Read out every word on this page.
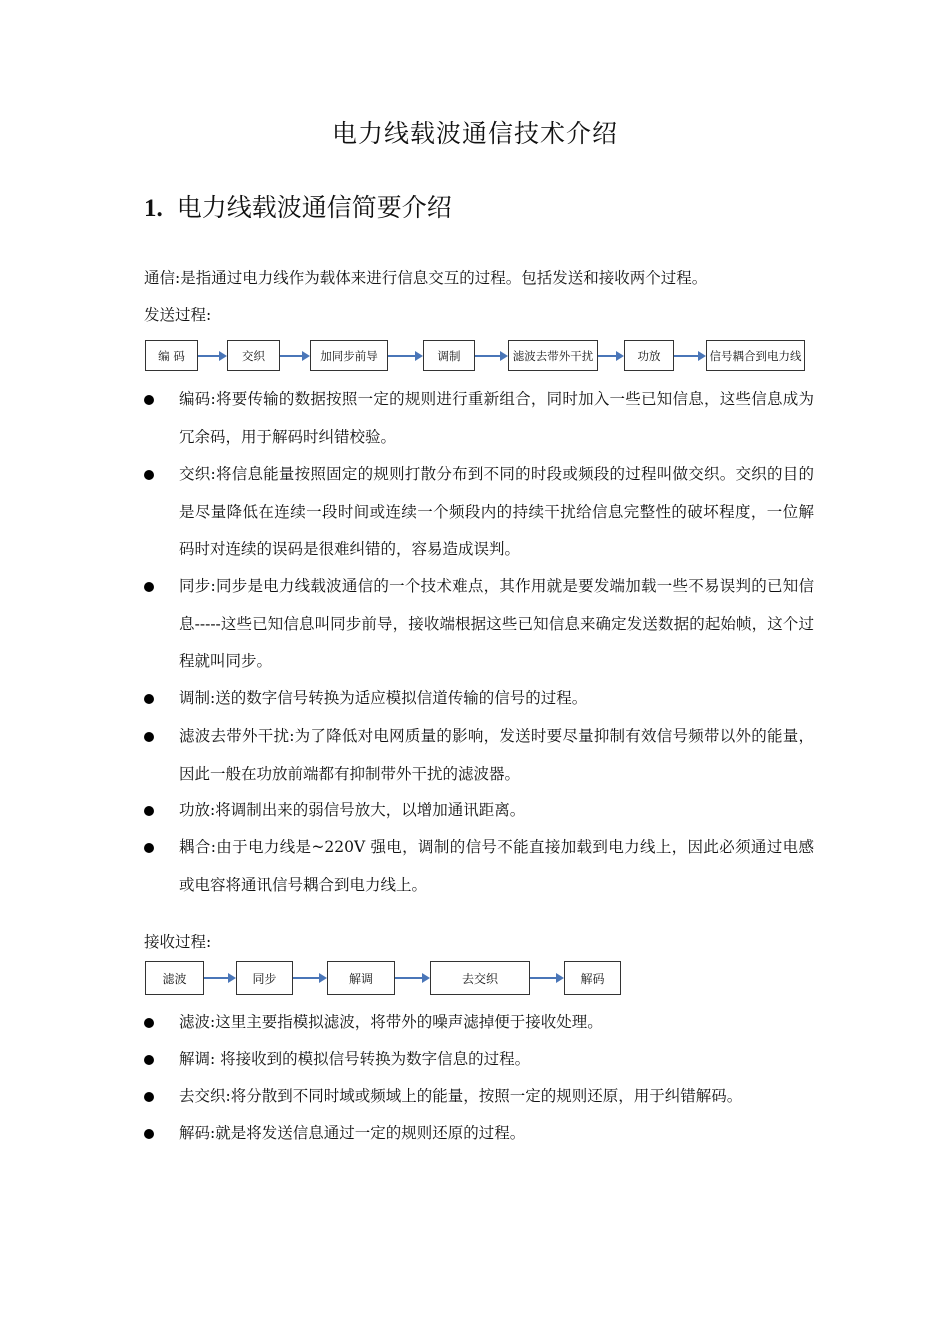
电力线载波通信技术介绍
1. 电力线载波通信简要介绍
通信:是指通过电力线作为载体来进行信息交互的过程。包括发送和接收两个过程。
发送过程:
编 码	交织	加同步前导	调制	滤波去带外干扰	功放	信号耦合到电力线
编码:将要传输的数据按照一定的规则进行重新组合，同时加入一些已知信息，这些信息成为冗余码，用于解码时纠错校验。
交织:将信息能量按照固定的规则打散分布到不同的时段或频段的过程叫做交织。交织的目的是尽量降低在连续一段时间或连续一个频段内的持续干扰给信息完整性的破坏程度，一位解码时对连续的误码是很难纠错的，容易造成误判。
同步:同步是电力线载波通信的一个技术难点，其作用就是要发端加载一些不易误判的已知信息-----这些已知信息叫同步前导，接收端根据这些已知信息来确定发送数据的起始帧，这个过程就叫同步。
调制:送的数字信号转换为适应模拟信道传输的信号的过程。
滤波去带外干扰:为了降低对电网质量的影响，发送时要尽量抑制有效信号频带以外的能量，因此一般在功放前端都有抑制带外干扰的滤波器。
功放:将调制出来的弱信号放大，以增加通讯距离。
耦合:由于电力线是~220V 强电，调制的信号不能直接加载到电力线上，因此必须通过电感或电容将通讯信号耦合到电力线上。
接收过程:
滤波	同步	解调	去交织	解码
滤波:这里主要指模拟滤波，将带外的噪声滤掉便于接收处理。
解调: 将接收到的模拟信号转换为数字信息的过程。
去交织:将分散到不同时域或频域上的能量，按照一定的规则还原，用于纠错解码。
解码:就是将发送信息通过一定的规则还原的过程。
